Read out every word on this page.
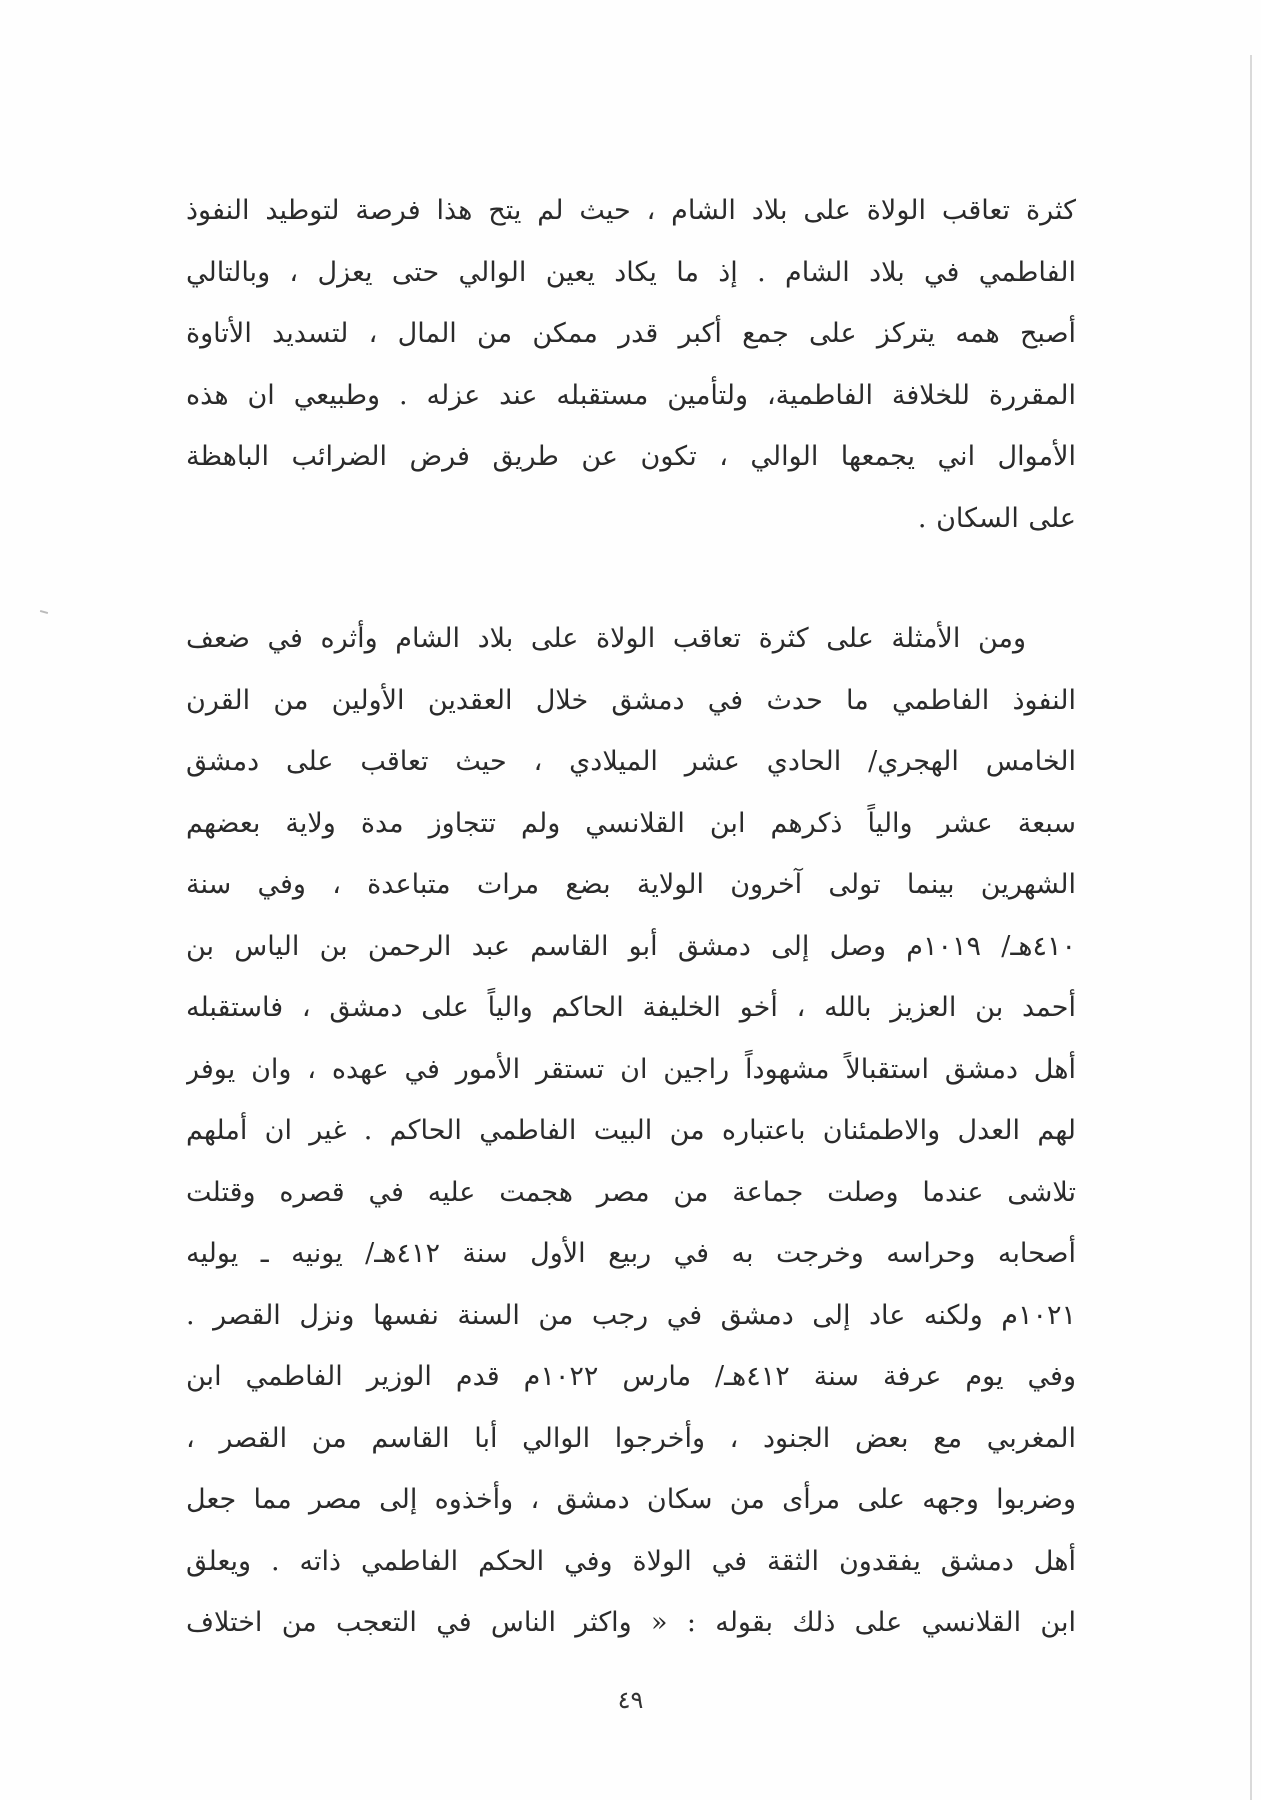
كثرة تعاقب الولاة على بلاد الشام ، حيث لم يتح هذا فرصة لتوطيد النفوذ
الفاطمي في بلاد الشام . إذ ما يكاد يعين الوالي حتى يعزل ، وبالتالي
أصبح همه يتركز على جمع أكبر قدر ممكن من المال ، لتسديد الأتاوة
المقررة للخلافة الفاطمية، ولتأمين مستقبله عند عزله . وطبيعي ان هذه
الأموال اني يجمعها الوالي ، تكون عن طريق فرض الضرائب الباهظة
على السكان .
ومن الأمثلة على كثرة تعاقب الولاة على بلاد الشام وأثره في ضعف
النفوذ الفاطمي ما حدث في دمشق خلال العقدين الأولين من القرن
الخامس الهجري/ الحادي عشر الميلادي ، حيث تعاقب على دمشق
سبعة عشر والياً ذكرهم ابن القلانسي ولم تتجاوز مدة ولاية بعضهم
الشهرين بينما تولى آخرون الولاية بضع مرات متباعدة ، وفي سنة
٤١٠هـ/ ١٠١٩م وصل إلى دمشق أبو القاسم عبد الرحمن بن الياس بن
أحمد بن العزيز بالله ، أخو الخليفة الحاكم والياً على دمشق ، فاستقبله
أهل دمشق استقبالاً مشهوداً راجين ان تستقر الأمور في عهده ، وان يوفر
لهم العدل والاطمئنان باعتباره من البيت الفاطمي الحاكم . غير ان أملهم
تلاشى عندما وصلت جماعة من مصر هجمت عليه في قصره وقتلت
أصحابه وحراسه وخرجت به في ربيع الأول سنة ٤١٢هـ/ يونيه ـ يوليه
١٠٢١م ولكنه عاد إلى دمشق في رجب من السنة نفسها ونزل القصر .
وفي يوم عرفة سنة ٤١٢هـ/ مارس ١٠٢٢م قدم الوزير الفاطمي ابن
المغربي مع بعض الجنود ، وأخرجوا الوالي أبا القاسم من القصر ،
وضربوا وجهه على مرأى من سكان دمشق ، وأخذوه إلى مصر مما جعل
أهل دمشق يفقدون الثقة في الولاة وفي الحكم الفاطمي ذاته . ويعلق
ابن القلانسي على ذلك بقوله : « واكثر الناس في التعجب من اختلاف
٤٩
